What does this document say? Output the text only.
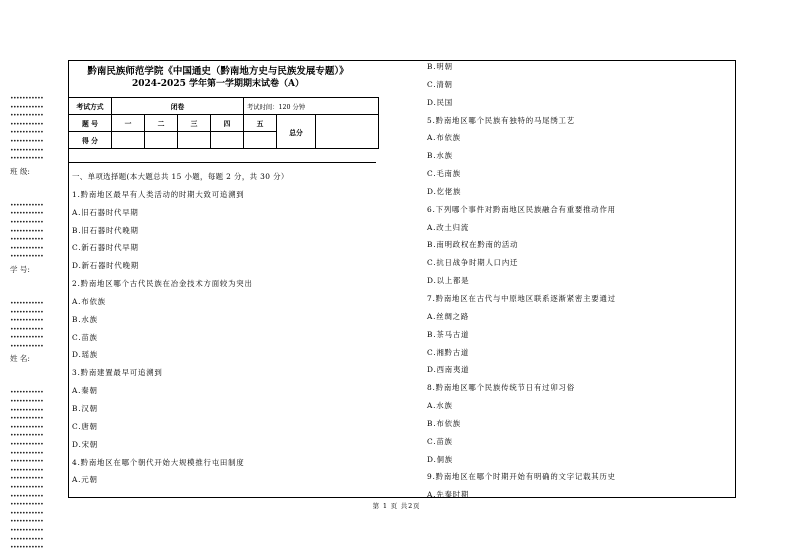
•••••••••••
•••••••••••
•••••••••••
•••••••••••
•••••••••••
•••••••••••
•••••••••••
•••••••••••
班 级:
•••••••••••
•••••••••••
•••••••••••
•••••••••••
•••••••••••
•••••••••••
•••••••••••
学 号:
•••••••••••
•••••••••••
•••••••••••
•••••••••••
•••••••••••
•••••••••••
姓 名:
•••••••••••
•••••••••••
•••••••••••
•••••••••••
•••••••••••
•••••••••••
•••••••••••
•••••••••••
•••••••••••
•••••••••••
•••••••••••
•••••••••••
•••••••••••
•••••••••••
•••••••••••
•••••••••••
•••••••••••
•••••••••••
•••••••••••
黔南民族师范学院《中国通史（黔南地方史与民族发展专题）》
2024-2025 学年第一学期期末试卷（A）
考试方式	闭卷				考试时间：120 分钟		
题 号	一	二	三	四	五	总分	
得 分							
一、单项选择题(本大题总共 15 小题，每题 2 分，共 30 分）
1.黔南地区最早有人类活动的时期大致可追溯到
A.旧石器时代早期
B.旧石器时代晚期
C.新石器时代早期
D.新石器时代晚期
2.黔南地区哪个古代民族在冶金技术方面较为突出
A.布依族
B.水族
C.苗族
D.瑶族
3.黔南建置最早可追溯到
A.秦朝
B.汉朝
C.唐朝
D.宋朝
4.黔南地区在哪个朝代开始大规模推行屯田制度
A.元朝
B.明朝
C.清朝
D.民国
5.黔南地区哪个民族有独特的马尾绣工艺
A.布依族
B.水族
C.毛南族
D.仡佬族
6.下列哪个事件对黔南地区民族融合有重要推动作用
A.改土归流
B.南明政权在黔南的活动
C.抗日战争时期人口内迁
D.以上都是
7.黔南地区在古代与中原地区联系逐渐紧密主要通过
A.丝绸之路
B.茶马古道
C.湘黔古道
D.西南夷道
8.黔南地区哪个民族传统节日有过卯习俗
A.水族
B.布依族
C.苗族
D.侗族
9.黔南地区在哪个时期开始有明确的文字记载其历史
A.先秦时期
第 1 页 共2页
